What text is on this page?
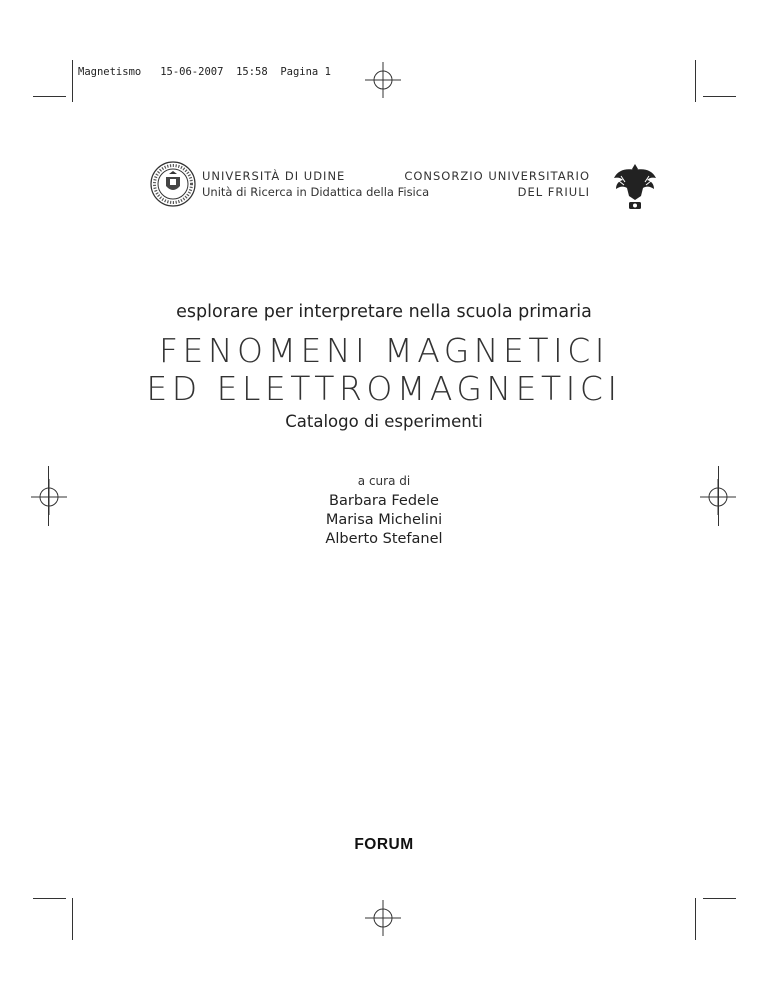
Magnetismo 15-06-2007 15:58 Pagina 1
UNIVERSITÀ DI UDINE
Unità di Ricerca in Didattica della Fisica
CONSORZIO UNIVERSITARIO
DEL FRIULI
esplorare per interpretare nella scuola primaria
FENOMENI MAGNETICI
ED ELETTROMAGNETICI
Catalogo di esperimenti
a cura di
Barbara Fedele
Marisa Michelini
Alberto Stefanel
FORUM
